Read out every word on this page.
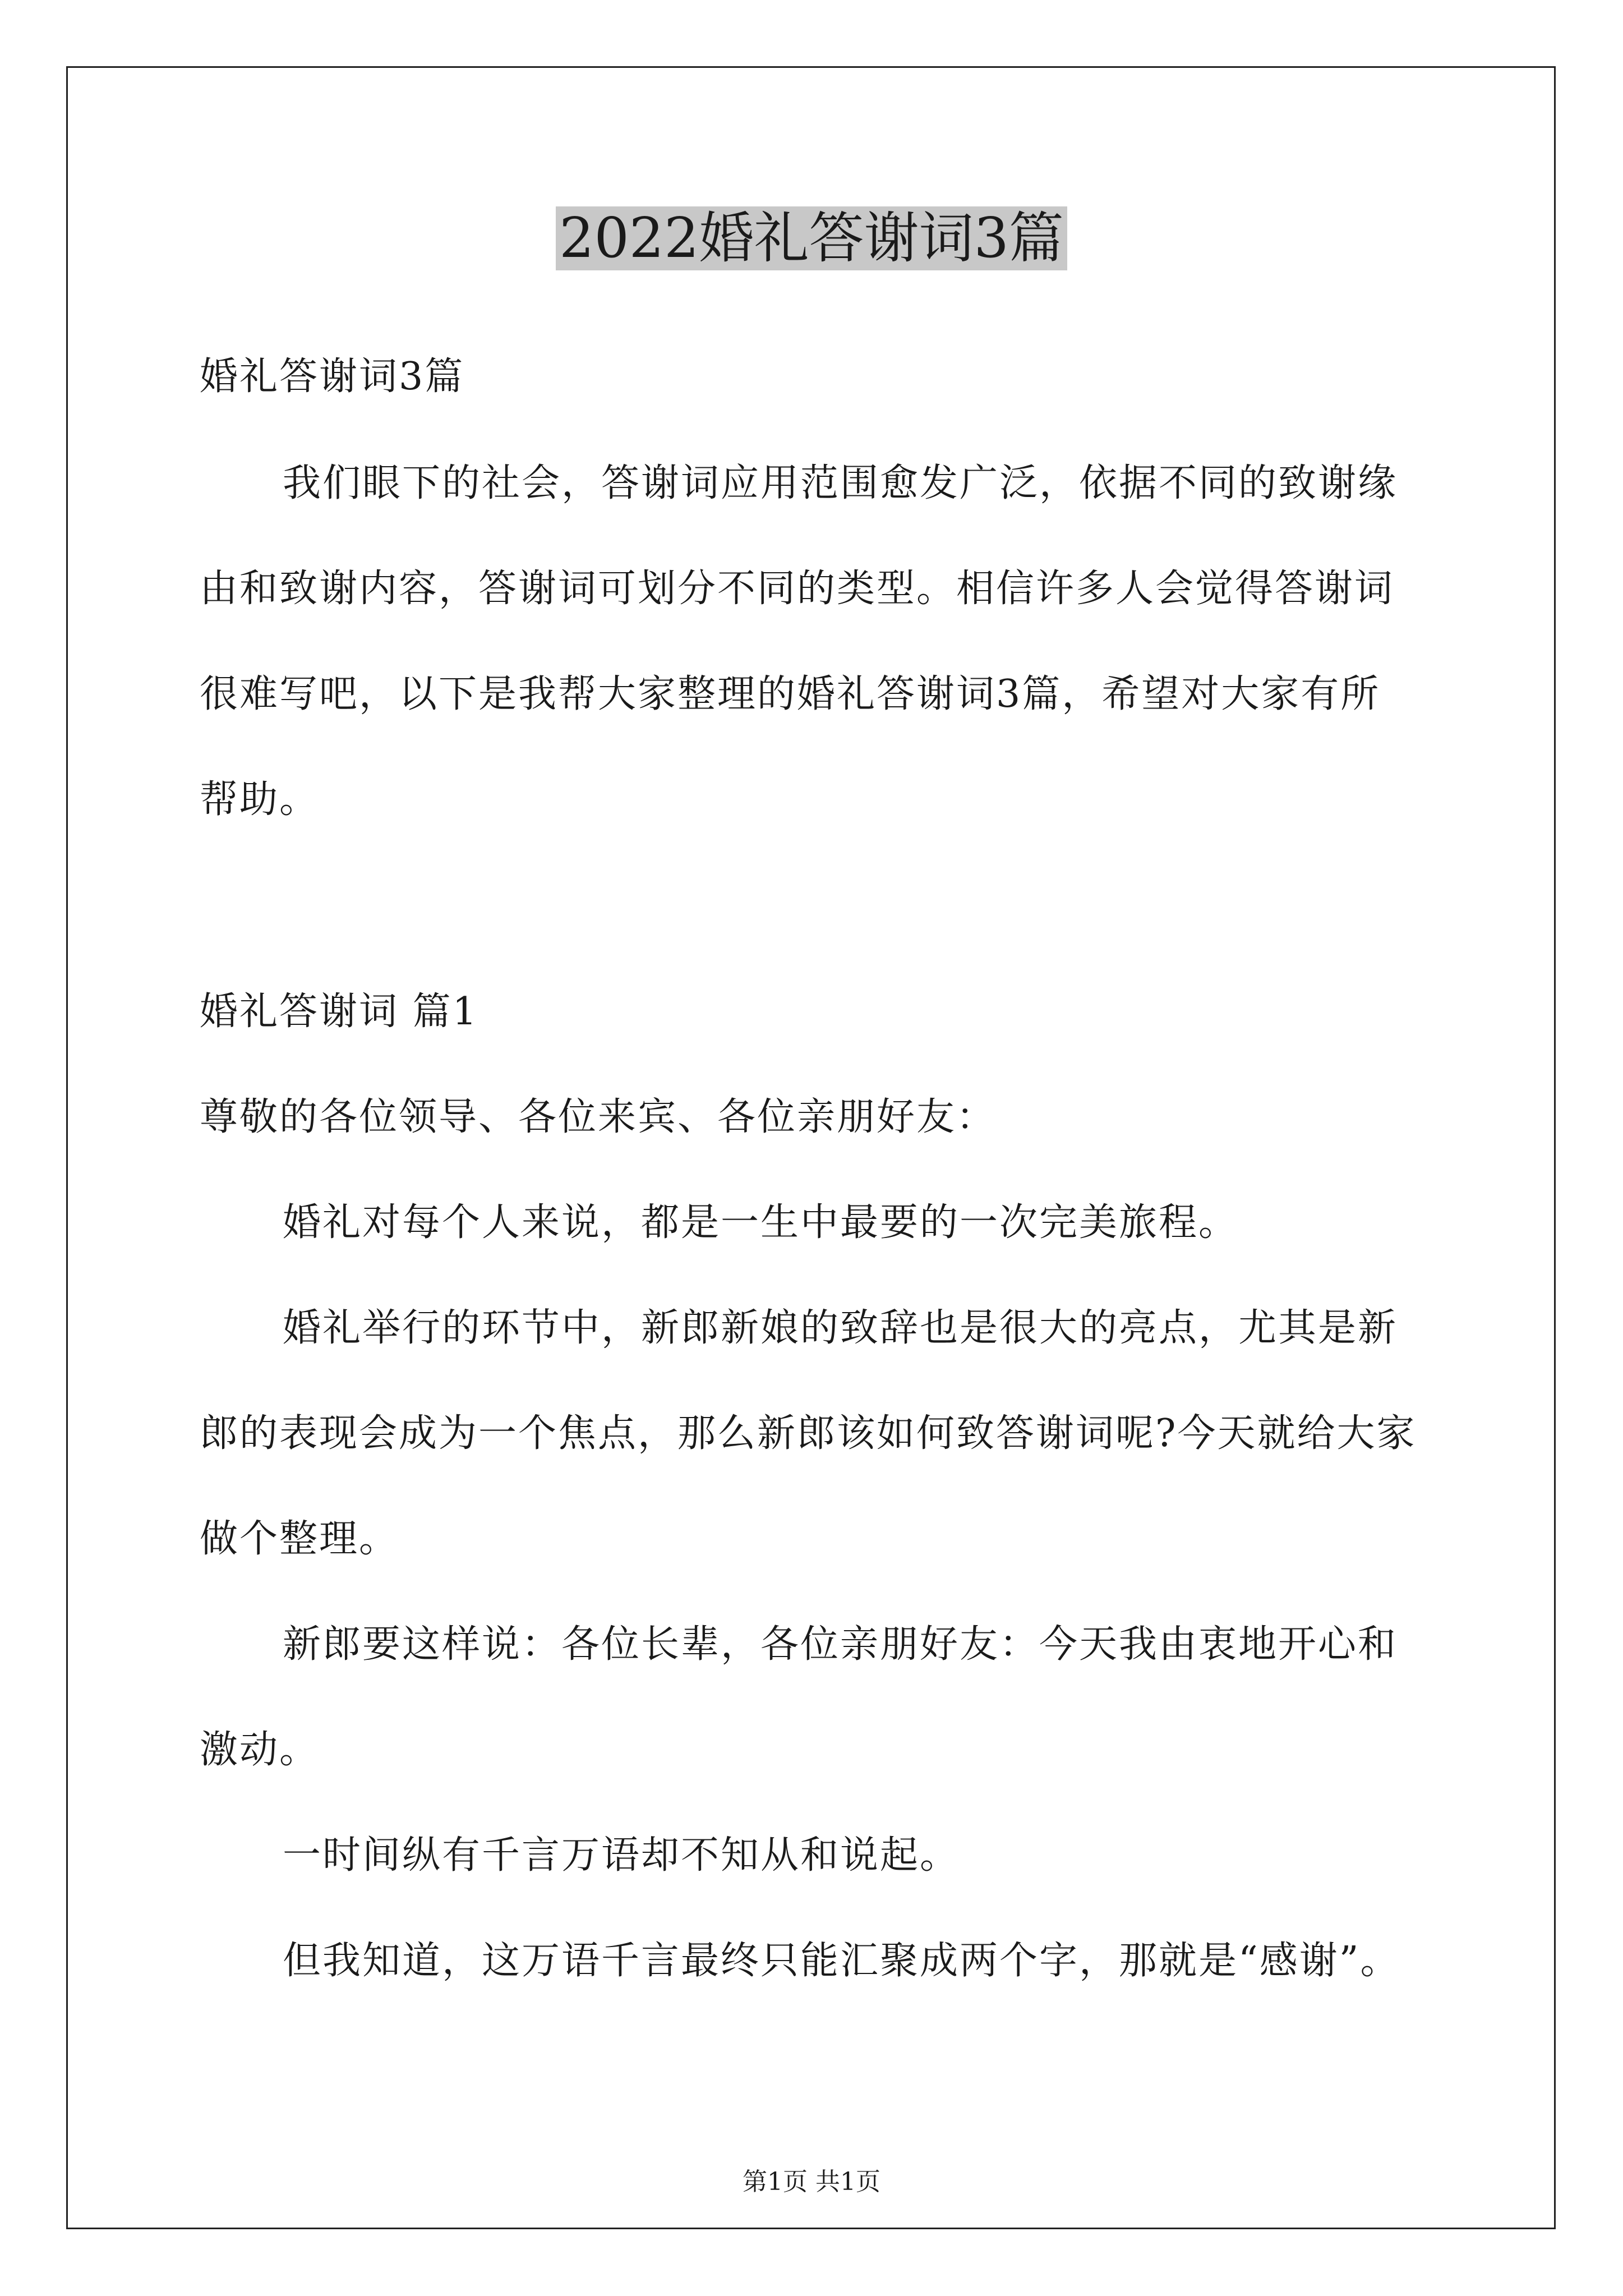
2022婚礼答谢词3篇

婚礼答谢词3篇

我们眼下的社会，答谢词应用范围愈发广泛，依据不同的致谢缘

由和致谢内容，答谢词可划分不同的类型。相信许多人会觉得答谢词

很难写吧，以下是我帮大家整理的婚礼答谢词3篇，希望对大家有所

帮助。

婚礼答谢词 篇1

尊敬的各位领导、各位来宾、各位亲朋好友：

婚礼对每个人来说，都是一生中最要的一次完美旅程。

婚礼举行的环节中，新郎新娘的致辞也是很大的亮点，尤其是新

郎的表现会成为一个焦点，那么新郎该如何致答谢词呢?今天就给大家

做个整理。

新郎要这样说：各位长辈，各位亲朋好友：今天我由衷地开心和

激动。

一时间纵有千言万语却不知从和说起。

但我知道，这万语千言最终只能汇聚成两个字，那就是“感谢”。

第1页 共1页
